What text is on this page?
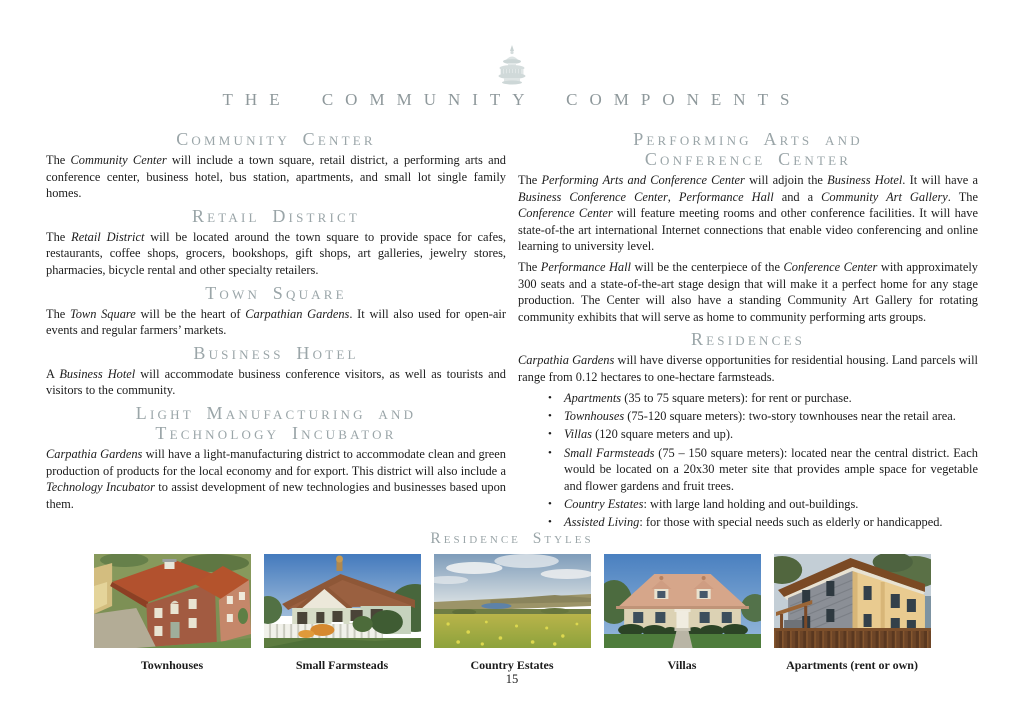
THE COMMUNITY COMPONENTS
Community Center

The Community Center will include a town square, retail district, a performing arts and conference center, business hotel, bus station, apartments, and small lot single family homes.

Retail District

The Retail District will be located around the town square to provide space for cafes, restaurants, coffee shops, grocers, bookshops, gift shops, art galleries, jewelry stores, pharmacies, bicycle rental and other specialty retailers.

Town Square

The Town Square will be the heart of Carpathian Gardens. It will also used for open-air events and regular farmers’ markets.

Business Hotel

A Business Hotel will accommodate business conference visitors, as well as tourists and visitors to the community.

Light Manufacturing and
Technology Incubator

Carpathia Gardens will have a light-manufacturing district to accommodate clean and green production of products for the local economy and for export. This district will also include a Technology Incubator to assist development of new technologies and businesses based upon them.

Performing Arts and
Conference Center

The Performing Arts and Conference Center will adjoin the Business Hotel. It will have a Business Conference Center, Performance Hall and a Community Art Gallery. The Conference Center will feature meeting rooms and other conference facilities. It will have state-of-the art international Internet connections that enable video conferencing and online learning to university level.

The Performance Hall will be the centerpiece of the Conference Center with approximately 300 seats and a state-of-the-art stage design that will make it a perfect home for any stage production. The Center will also have a standing Community Art Gallery for rotating community exhibits that will serve as home to community performing arts groups.

Residences

Carpathia Gardens will have diverse opportunities for residential housing. Land parcels will range from 0.12 hectares to one-hectare farmsteads.

• Apartments (35 to 75 square meters): for rent or purchase.
• Townhouses (75-120 square meters): two-story townhouses near the retail area.
• Villas (120 square meters and up).
• Small Farmsteads (75 – 150 square meters): located near the central district. Each would be located on a 20x30 meter site that provides ample space for vegetable and flower gardens and fruit trees.
• Country Estates: with large land holding and out-buildings.
• Assisted Living: for those with special needs such as elderly or handicapped.
Residence Styles
Townhouses	Small Farmsteads	Country Estates	Villas	Apartments (rent or own)
15
